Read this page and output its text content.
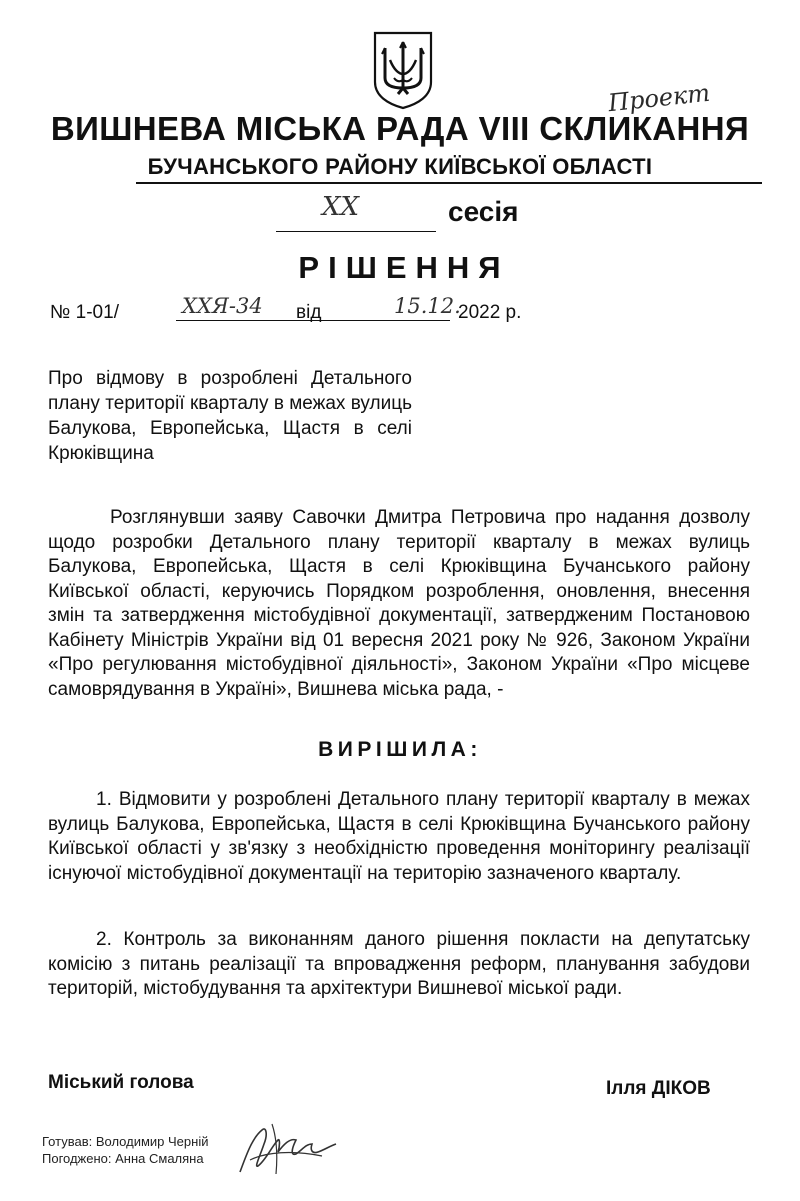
Проект
ВИШНЕВА МІСЬКА РАДА VIII СКЛИКАННЯ
БУЧАНСЬКОГО РАЙОНУ КИЇВСЬКОЇ ОБЛАСТІ
XX	сесія
РІШЕННЯ
№ 1-01/	XXЯ-34 від	15.12.
2022 р.
Про відмову в розроблені Детального плану території кварталу в межах вулиць Балукова, Европейська, Щастя в селі Крюківщина
Розглянувши заяву Савочки Дмитра Петровича про надання дозволу щодо розробки Детального плану території кварталу в межах вулиць Балукова, Европейська, Щастя в селі Крюківщина Бучанського району Київської області, керуючись Порядком розроблення, оновлення, внесення змін та затвердження містобудівної документації, затвердженим Постановою Кабінету Міністрів України від 01 вересня 2021 року № 926, Законом України «Про регулювання містобудівної діяльності», Законом України «Про місцеве самоврядування в Україні», Вишнева міська рада, -
ВИРІШИЛА:
1. Відмовити у розроблені Детального плану території кварталу в межах вулиць Балукова, Европейська, Щастя в селі Крюківщина Бучанського району Київської області у зв'язку з необхідністю проведення моніторингу реалізації існуючої містобудівної документації на територію зазначеного кварталу.
2. Контроль за виконанням даного рішення покласти на депутатську комісію з питань реалізації та впровадження реформ, планування забудови територій, містобудування та архітектури Вишневої міської ради.
Міський голова	Ілля ДІКОВ
Готував: Володимир Черній
Погоджено: Анна Смаляна
